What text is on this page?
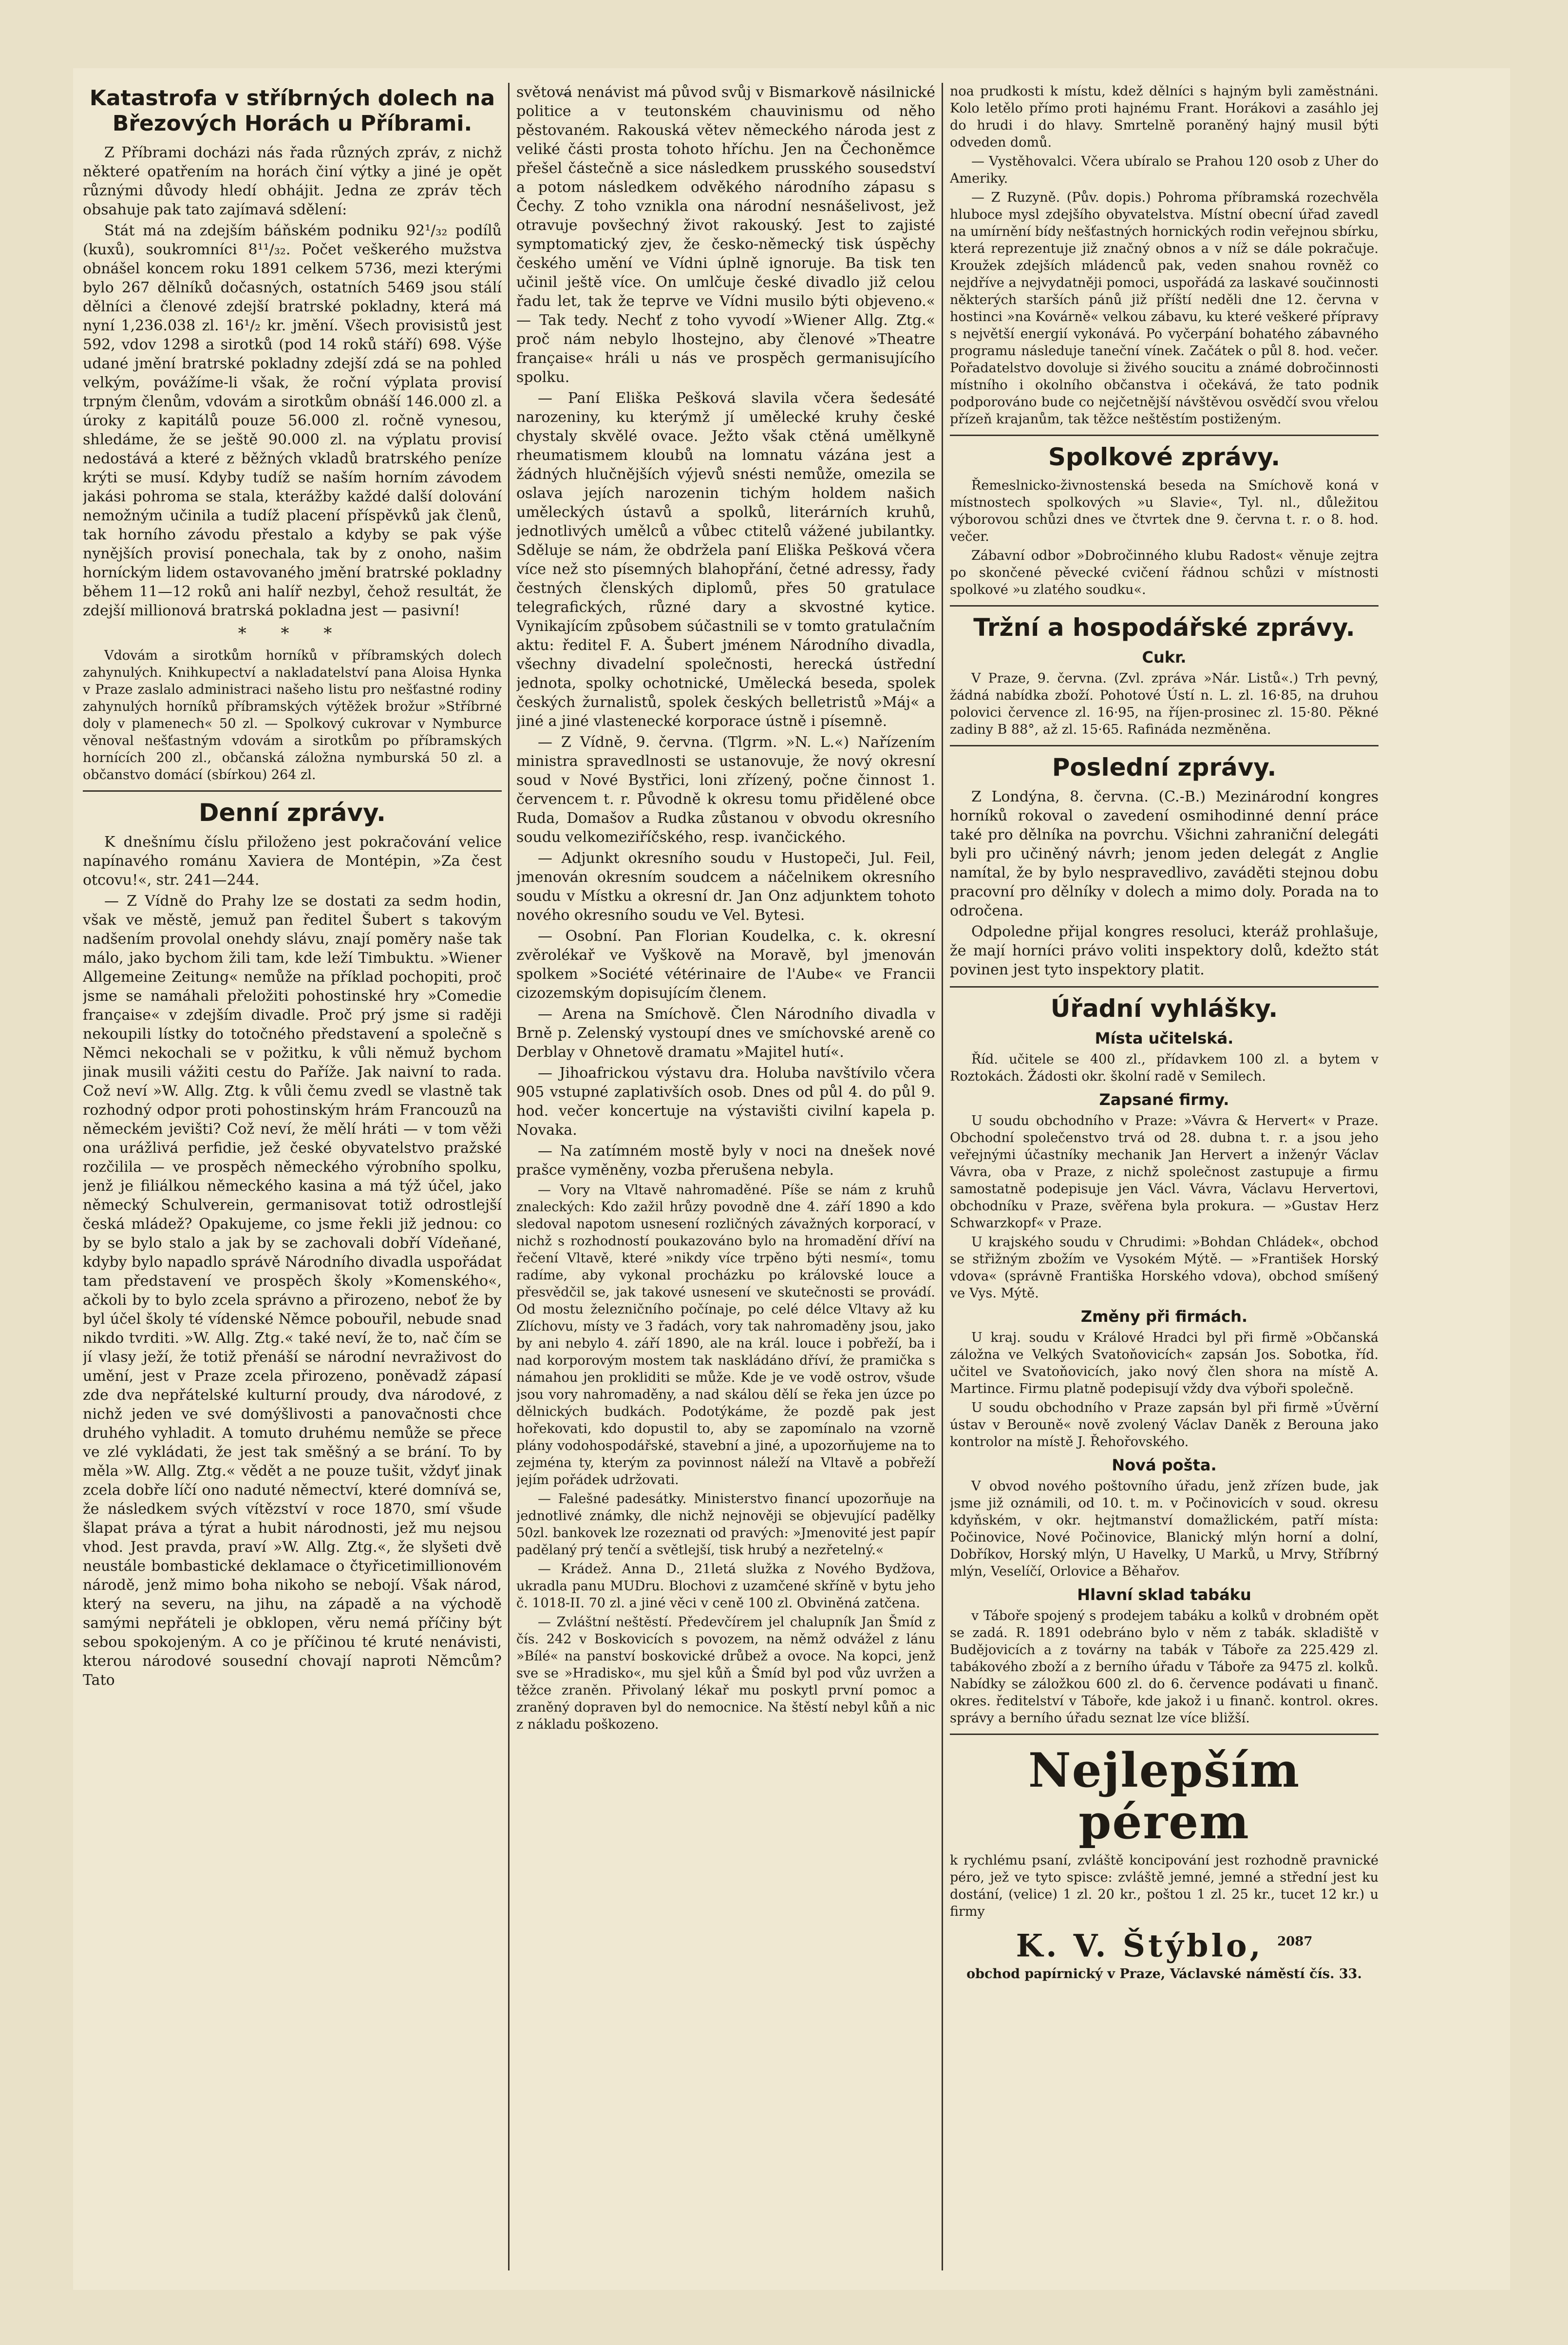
Katastrofa v stříbrných dolech na Březových Horách u Příbrami.

Z Příbrami docházi nás řada různých zpráv, z nichž některé opatřením na horách činí výtky a jiné je opět různými důvody hledí obhájit. Jedna ze zpráv těch obsahuje pak tato zajímavá sdělení:

Stát má na zdejším báňském podniku 92¹/₃₂ podílů (kuxů), soukromníci 8¹¹/₃₂. Počet veškerého mužstva obnášel koncem roku 1891 celkem 5736, mezi kterými bylo 267 dělníků dočasných, ostatních 5469 jsou stálí dělníci a členové zdejší bratrské pokladny, která má nyní 1,236.038 zl. 16¹/₂ kr. jmění. Všech provisistů jest 592, vdov 1298 a sirotků (pod 14 roků stáří) 698. Výše udané jmění bratrské pokladny zdejší zdá se na pohled velkým, povážíme-li však, že roční výplata provisí trpným členům, vdovám a sirotkům obnáší 146.000 zl. a úroky z kapitálů pouze 56.000 zl. ročně vynesou, shledáme, že se ještě 90.000 zl. na výplatu provisí nedostává a které z běžných vkladů bratrského peníze krýti se musí. Kdyby tudíž se naším horním závodem jakási pohroma se stala, kterážby každé další dolování nemožným učinila a tudíž placení příspěvků jak členů, tak horního závodu přestalo a kdyby se pak výše nynějších provisí ponechala, tak by z onoho, našim horníckým lidem ostavovaného jmění bratrské pokladny během 11—12 roků ani halíř nezbyl, čehož resultát, že zdejší millionová bratrská pokladna jest — pasivní!

* * *

Vdovám a sirotkům horníků v příbramských dolech zahynulých. Knihkupectví a nakladatelství pana Aloisa Hynka v Praze zaslalo administraci našeho listu pro nešťastné rodiny zahynulých horníků příbramských výtěžek brožur »Stříbrné doly v plamenech« 50 zl. — Spolkový cukrovar v Nymburce věnoval nešťastným vdovám a sirotkům po příbramských hornících 200 zl., občanská záložna nymburská 50 zl. a občanstvo domácí (sbírkou) 264 zl.

Denní zprávy.

K dnešnímu číslu přiloženo jest pokračování velice napínavého románu Xaviera de Montépin, »Za čest otcovu!«, str. 241—244.

— Z Vídně do Prahy lze se dostati za sedm hodin, však ve městě, jemuž pan ředitel Šubert s takovým nadšením provolal onehdy slávu, znají poměry naše tak málo, jako bychom žili tam, kde leží Timbuktu. »Wiener Allgemeine Zeitung« nemůže na příklad pochopiti, proč jsme se namáhali přeložiti pohostinské hry »Comedie française« v zdejším divadle. Proč prý jsme si raději nekoupili lístky do totočného představení a společně s Němci nekochali se v požitku, k vůli němuž bychom jinak musili vážiti cestu do Paříže. Jak naivní to rada. Což neví »W. Allg. Ztg. k vůli čemu zvedl se vlastně tak rozhodný odpor proti pohostinským hrám Francouzů na německém jevišti? Což neví, že mělí hráti — v tom věži ona urážlivá perfidie, jež české obyvatelstvo pražské rozčilila — ve prospěch německého výrobního spolku, jenž je filiálkou německého kasina a má týž účel, jako německý Schulverein, germanisovat totiž odrostlejší česká mládež? Opakujeme, co jsme řekli již jednou: co by se bylo stalo a jak by se zachovali dobří Vídeňané, kdyby bylo napadlo správě Národního divadla uspořádat tam představení ve prospěch školy »Komenského«, ačkoli by to bylo zcela správno a přirozeno, neboť že by byl účel školy té vídenské Němce pobouřil, nebude snad nikdo tvrditi. »W. Allg. Ztg.« také neví, že to, nač čím se jí vlasy ježí, že totiž přenáší se národní nevraživost do umění, jest v Praze zcela přirozeno, poněvadž zápasí zde dva nepřátelské kulturní proudy, dva národové, z nichž jeden ve své domýšlivosti a panovačnosti chce druhého vyhladit. A tomuto druhému nemůže se přece ve zlé vykládati, že jest tak směšný a se brání. To by měla »W. Allg. Ztg.« vědět a ne pouze tušit, vždyť jinak zcela dobře líčí ono naduté němectví, které domnívá se, že následkem svých vítězství v roce 1870, smí všude šlapat práva a týrat a hubit národnosti, jež mu nejsou vhod. Jest pravda, praví »W. Allg. Ztg.«, že slyšeti dvě neustále bombastické deklamace o čtyřicetimillionovém národě, jenž mimo boha nikoho se nebojí. Však národ, který na severu, na jihu, na západě a na východě samými nepřáteli je obklopen, věru nemá příčiny být sebou spokojeným. A co je příčinou té kruté nenávisti, kterou národové sousední chovají naproti Němcům? Tato

světová nenávist má původ svůj v Bismarkově násilnické politice a v teutonském chauvinismu od něho pěstovaném. Rakouská větev německého národa jest z veliké části prosta tohoto hříchu. Jen na Čechoněmce přešel částečně a sice následkem prusského sousedství a potom následkem odvěkého národního zápasu s Čechy. Z toho vznikla ona národní nesnášelivost, jež otravuje povšechný život rakouský. Jest to zajisté symptomatický zjev, že česko-německý tisk úspěchy českého umění ve Vídni úplně ignoruje. Ba tisk ten učinil ještě více. On umlčuje české divadlo již celou řadu let, tak že teprve ve Vídni musilo býti objeveno.« — Tak tedy. Nechť z toho vyvodí »Wiener Allg. Ztg.« proč nám nebylo lhostejno, aby členové »Theatre française« hráli u nás ve prospěch germanisujícího spolku.

— Paní Eliška Pešková slavila včera šedesáté narozeniny, ku kterýmž jí umělecké kruhy české chystaly skvělé ovace. Ježto však ctěná umělkyně rheumatismem kloubů na lomnatu vázána jest a žádných hlučnějších výjevů snésti nemůže, omezila se oslava jejích narozenin tichým holdem našich uměleckých ústavů a spolků, literárních kruhů, jednotlivých umělců a vůbec ctitelů vážené jubilantky. Sděluje se nám, že obdržela paní Eliška Pešková včera více než sto písemných blahopřání, četné adressy, řady čestných členských diplomů, přes 50 gratulace telegrafických, různé dary a skvostné kytice. Vynikajícím způsobem súčastnili se v tomto gratulačním aktu: ředitel F. A. Šubert jménem Národního divadla, všechny divadelní společnosti, herecká ústřední jednota, spolky ochotnické, Umělecká beseda, spolek českých žurnalistů, spolek českých belletristů »Máj« a jiné a jiné vlastenecké korporace ústně i písemně.

— Z Vídně, 9. června. (Tlgrm. »N. L.«) Nařízením ministra spravedlnosti se ustanovuje, že nový okresní soud v Nové Bystřici, loni zřízený, počne činnost 1. červencem t. r. Původně k okresu tomu přidělené obce Ruda, Domašov a Rudka zůstanou v obvodu okresního soudu velkomeziříčského, resp. ivančického.

— Adjunkt okresního soudu v Hustopeči, Jul. Feil, jmenován okresním soudcem a náčelnikem okresního soudu v Místku a okresní dr. Jan Onz adjunktem tohoto nového okresního soudu ve Vel. Bytesi.

— Osobní. Pan Florian Koudelka, c. k. okresní zvěrolékař ve Vyškově na Moravě, byl jmenován spolkem »Société vétérinaire de l'Aube« ve Francii cizozemským dopisujícím členem.

— Arena na Smíchově. Člen Národního divadla v Brně p. Zelenský vystoupí dnes ve smíchovské areně co Derblay v Ohnetově dramatu »Majitel hutí«.

— Jihoafrickou výstavu dra. Holuba navštívilo včera 905 vstupné zaplativších osob. Dnes od půl 4. do půl 9. hod. večer koncertuje na výstavišti civilní kapela p. Novaka.

— Na zatímném mostě byly v noci na dnešek nové prašce vyměněny, vozba přerušena nebyla.

— Vory na Vltavě nahromaděné. Píše se nám z kruhů znaleckých: Kdo zažil hrůzy povodně dne 4. září 1890 a kdo sledoval napotom usnesení rozličných závažných korporací, v nichž s rozhodností poukazováno bylo na hromadění dříví na řečení Vltavě, které »nikdy více trpěno býti nesmí«, tomu radíme, aby vykonal procházku po královské louce a přesvědčil se, jak takové usnesení ve skutečnosti se provádí. Od mostu železničního počínaje, po celé délce Vltavy až ku Zlíchovu, místy ve 3 řadách, vory tak nahromaděny jsou, jako by ani nebylo 4. září 1890, ale na král. louce i pobřeží, ba i nad korporovým mostem tak naskládáno dříví, že pramička s námahou jen prokliditi se může. Kde je ve vodě ostrov, všude jsou vory nahromaděny, a nad skálou dělí se řeka jen úzce po dělnických budkách. Podotýkáme, že pozdě pak jest hořekovati, kdo dopustil to, aby se zapomínalo na vzorně plány vodohospodářské, stavební a jiné, a upozorňujeme na to zejména ty, kterým za povinnost náleží na Vltavě a pobřeží jejím pořádek udržovati.

— Falešné padesátky. Ministerstvo financí upozorňuje na jednotlivé známky, dle nichž nejnověji se objevující padělky 50zl. bankovek lze rozeznati od pravých: »Jmenovité jest papír padělaný prý tenčí a světlejší, tisk hrubý a nezřetelný.«

— Krádež. Anna D., 21letá služka z Nového Bydžova, ukradla panu MUDru. Blochovi z uzamčené skříně v bytu jeho č. 1018-II. 70 zl. a jiné věci v ceně 100 zl. Obviněná zatčena.

— Zvláštní neštěstí. Předevčírem jel chalupník Jan Šmíd z čís. 242 v Boskovicích s povozem, na němž odvážel z lánu »Bílé« na panství boskovické drůbež a ovoce. Na kopci, jenž sve se »Hradisko«, mu sjel kůň a Šmíd byl pod vůz uvržen a těžce zraněn. Přivolaný lékař mu poskytl první pomoc a zraněný dopraven byl do nemocnice. Na štěstí nebyl kůň a nic z nákladu poškozeno.

noa prudkosti k místu, kdež dělníci s hajným byli zaměstnáni. Kolo letělo přímo proti hajnému Frant. Horákovi a zasáhlo jej do hrudi i do hlavy. Smrtelně poraněný hajný musil býti odveden domů.

— Vystěhovalci. Včera ubíralo se Prahou 120 osob z Uher do Ameriky.

— Z Ruzyně. (Pův. dopis.) Pohroma příbramská rozechvěla hluboce mysl zdejšího obyvatelstva. Místní obecní úřad zavedl na umírnění bídy nešťastných hornických rodin veřejnou sbírku, která reprezentuje již značný obnos a v níž se dále pokračuje. Kroužek zdejších mládenců pak, veden snahou rovněž co nejdříve a nejvydatněji pomoci, uspořádá za laskavé součinnosti některých starších pánů již příští neděli dne 12. června v hostinci »na Kovárně« velkou zábavu, ku které veškeré přípravy s největší energií vykonává. Po vyčerpání bohatého zábavného programu následuje taneční vínek. Začátek o půl 8. hod. večer. Pořadatelstvo dovoluje si živého soucitu a známé dobročinnosti místního i okolního občanstva i očekává, že tato podnik podporováno bude co nejčetnější návštěvou osvědčí svou vřelou přízeň krajanům, tak těžce neštěstím postiženým.

Spolkové zprávy.

Řemeslnicko-živnostenská beseda na Smíchově koná v místnostech spolkových »u Slavie«, Tyl. nl., důležitou výborovou schůzi dnes ve čtvrtek dne 9. června t. r. o 8. hod. večer.

Zábavní odbor »Dobročinného klubu Radost« věnuje zejtra po skončené pěvecké cvičení řádnou schůzi v místnosti spolkové »u zlatého soudku«.

Tržní a hospodářské zprávy.
Cukr.

V Praze, 9. června. (Zvl. zpráva »Nár. Listů«.) Trh pevný, žádná nabídka zboží. Pohotové Ústí n. L. zl. 16·85, na druhou polovici července zl. 16·95, na říjen-prosinec zl. 15·80. Pěkné zadiny B 88°, až zl. 15·65. Rafináda nezměněna.

Poslední zprávy.

Z Londýna, 8. června. (C.-B.) Mezinárodní kongres horníků rokoval o zavedení osmihodinné denní práce také pro dělníka na povrchu. Všichni zahraniční delegáti byli pro učiněný návrh; jenom jeden delegát z Anglie namítal, že by bylo nespravedlivo, zaváděti stejnou dobu pracovní pro dělníky v dolech a mimo doly. Porada na to odročena.

Odpoledne přijal kongres resoluci, kteráž prohlašuje, že mají horníci právo voliti inspektory dolů, kdežto stát povinen jest tyto inspektory platit.

Úřadní vyhlášky.
Místa učitelská.

Říd. učitele se 400 zl., přídavkem 100 zl. a bytem v Roztokách. Žádosti okr. školní radě v Semilech.

Zapsané firmy.

U soudu obchodního v Praze: »Vávra & Hervert« v Praze. Obchodní společenstvo trvá od 28. dubna t. r. a jsou jeho veřejnými účastníky mechanik Jan Hervert a inženýr Václav Vávra, oba v Praze, z nichž společnost zastupuje a firmu samostatně podepisuje jen Václ. Vávra, Václavu Hervertovi, obchodníku v Praze, svěřena byla prokura. — »Gustav Herz Schwarzkopf« v Praze.

U krajského soudu v Chrudimi: »Bohdan Chládek«, obchod se střižným zbožím ve Vysokém Mýtě. — »František Horský vdova« (správně Františka Horského vdova), obchod smíšený ve Vys. Mýtě.

Změny při firmách.

U kraj. soudu v Králové Hradci byl při firmě »Občanská záložna ve Velkých Svatoňovicích« zapsán Jos. Sobotka, říd. učitel ve Svatoňovicích, jako nový člen shora na místě A. Martince. Firmu platně podepisují vždy dva výboři společně.

U soudu obchodního v Praze zapsán byl při firmě »Úvěrní ústav v Berouně« nově zvolený Václav Daněk z Berouna jako kontrolor na místě J. Řehořovského.

Nová pošta.

V obvod nového poštovního úřadu, jenž zřízen bude, jak jsme již oznámili, od 10. t. m. v Počinovicích v soud. okresu kdyňském, v okr. hejtmanství domažlickém, patří místa: Počinovice, Nové Počinovice, Blanický mlýn horní a dolní, Dobříkov, Horský mlýn, U Havelky, U Marků, u Mrvy, Stříbrný mlýn, Veselíčí, Orlovice a Běhařov.

Hlavní sklad tabáku

v Táboře spojený s prodejem tabáku a kolků v drobném opět se zadá. R. 1891 odebráno bylo v něm z tabák. skladiště v Budějovicích a z továrny na tabák v Táboře za 225.429 zl. tabákového zboží a z berního úřadu v Táboře za 9475 zl. kolků. Nabídky se záložkou 600 zl. do 6. července podávati u finanč. okres. ředitelství v Táboře, kde jakož i u finanč. kontrol. okres. správy a berního úřadu seznat lze více bližší.

Nejlepším pérem

k rychlému psaní, zvláště koncipování jest rozhodně pravnické péro, jež ve tyto spisce: zvláště jemné, jemné a střední jest ku dostání, (velice) 1 zl. 20 kr., poštou 1 zl. 25 kr., tucet 12 kr.) u firmy

K. V. Štýblo, $^{2087}$
obchod papírnický v Praze, Václavské náměstí čís. 33.
